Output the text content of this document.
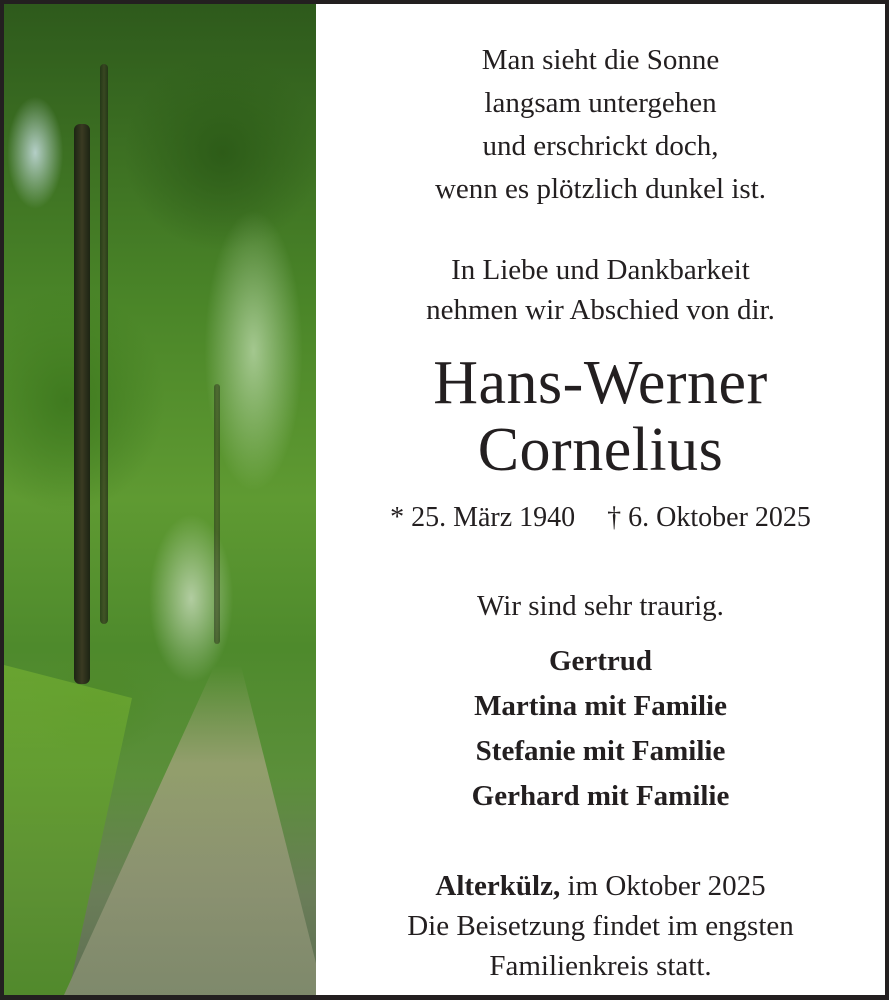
Man sieht die Sonne
langsam untergehen
und erschrickt doch,
wenn es plötzlich dunkel ist.
In Liebe und Dankbarkeit
nehmen wir Abschied von dir.
Hans-Werner
Cornelius
* 25. März 1940 † 6. Oktober 2025
Wir sind sehr traurig.
Gertrud
Martina mit Familie
Stefanie mit Familie
Gerhard mit Familie
Alterkülz, im Oktober 2025
Die Beisetzung findet im engsten
Familienkreis statt.
